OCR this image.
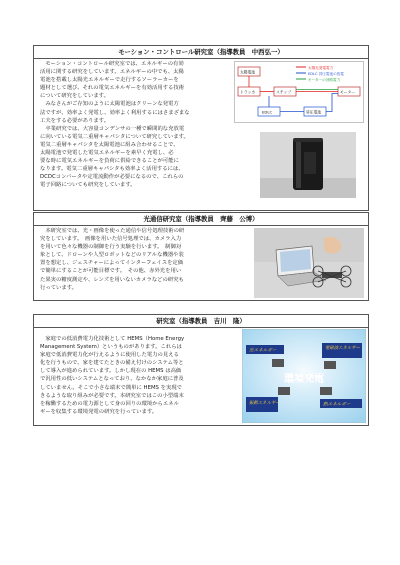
モーション・コントロール研究室（指導教員　中西弘一）
　モーション・コントロール研究室では、エネルギーの有効
活用に関する研究をしています。エネルギーの中でも、太陽
電池を搭載し太陽光エネルギーで走行するソーラーカーを
題材として選び、それの電気エネルギーを有効活用する技術
について研究をしています。
　みなさんがご存知のように太陽電池はクリーンな発電方
法ですが、効率よく発電し、効率よく利用するにはさまざまな
工夫をする必要があります。
　卒業研究では、大容量コンデンサの一種で瞬間的な充放電
に向いている電気二重層キャパシタについて研究しています。
電気二重層キャパシタを太陽電池に組み合わせることで、
太陽電池で発電した電気エネルギーを素早く充電し、必
要な時に電気エネルギーを負荷に供給できることが可能に
なります。電気二重層キャパシタも効率よく活用するには、
DCDCコンバータや定電流動作が必要になるので、これらの
電子回路についても研究をしています。
太陽光発電電力
EDLC 昇圧電池の放電
モーターの回路電力
太陽電池
トラッカ	ステップ
EDLC
モーター
昇圧電池
光通信研究室（指導教員　齊藤　公博）
　本研究室では、光・画像を使った通信や信号処理技術の研
究をしています。　画像を用いた信号処理では、カメラ入力
を用いて色々な機器の制御を行う実験を行います。　制御対
象として、ドローンや人型ロボットなどのリアルな機器や装
置を想定し、ジェスチャーによってインターフェイスを定価
で簡単にすることが可能目標です。　その他、赤外光を用い
た果実の糖度測定や、レンズを用いないカメラなどの研究も
行っています。
研究室（指導教員　吉川　隆）
　家庭での低消費電力化技術として HEMS（Home Energy
Management System）というものがあります。これらは
家庭で低消費電力化が行えるように使用した電力の見える
化を行うもので、家を建てたときの備え付けのシステム等と
して導入が進められています。しかし現在の HEMS は高価
で汎用性の低いシステムとなっており、なかなか家庭に普及
していません。そこで小さな端末で簡単に HEMS を実現で
きるような取り組みが必要です。本研究室ではこの小型端末
を稼働するための電力源として身の回りの環境からエネル
ギーを収集する環境発電の研究を行っています。
光エネルギー	電磁波エネルギー
振動エネルギー	熱エネルギー
環境発電
